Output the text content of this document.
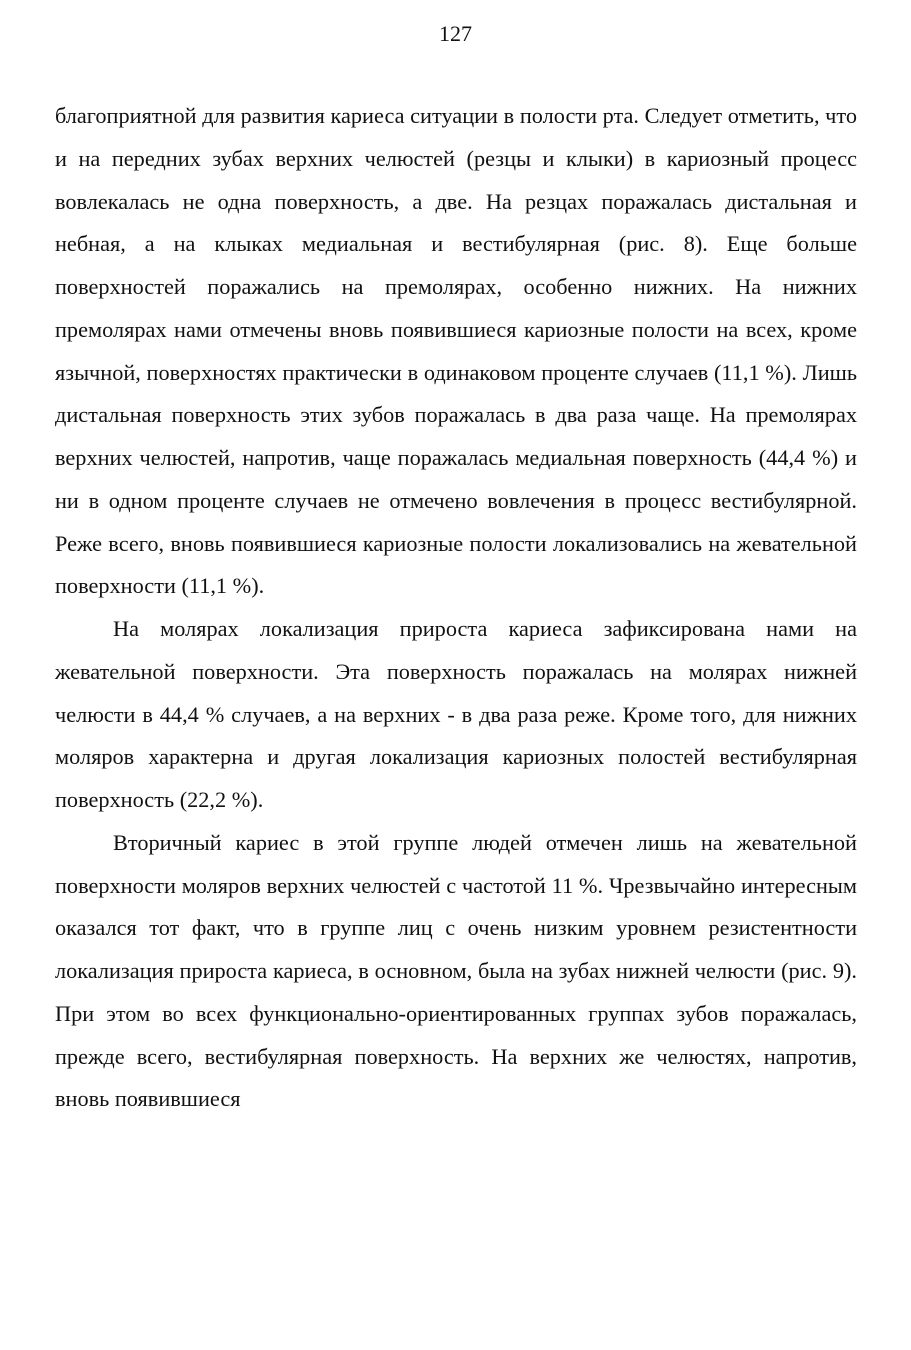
127

благоприятной для развития кариеса ситуации в полости рта. Следует отметить, что и на передних зубах верхних челюстей (резцы и клыки) в кариозный процесс вовлекалась не одна поверхность, а две. На резцах поражалась дистальная и небная, а на клыках медиальная и вестибулярная (рис. 8). Еще больше поверхностей поражались на премолярах, особенно нижних. На нижних премолярах нами отмечены вновь появившиеся кариозные полости на всех, кроме язычной, поверхностях практически в одинаковом проценте случаев (11,1 %). Лишь дистальная поверхность этих зубов поражалась в два раза чаще. На премолярах верхних челюстей, напротив, чаще поражалась медиальная поверхность (44,4 %) и ни в одном проценте случаев не отмечено вовлечения в процесс вестибулярной. Реже всего, вновь появившиеся кариозные полости локализовались на жевательной поверхности (11,1 %).

На молярах локализация прироста кариеса зафиксирована нами на жевательной поверхности. Эта поверхность поражалась на молярах нижней челюсти в 44,4 % случаев, а на верхних - в два раза реже. Кроме того, для нижних моляров характерна и другая локализация кариозных полостей вестибулярная поверхность (22,2 %).

Вторичный кариес в этой группе людей отмечен лишь на жевательной поверхности моляров верхних челюстей с частотой 11 %. Чрезвычайно интересным оказался тот факт, что в группе лиц с очень низким уровнем резистентности локализация прироста кариеса, в основном, была на зубах нижней челюсти (рис. 9). При этом во всех функционально-ориентированных группах зубов поражалась, прежде всего, вестибулярная поверхность. На верхних же челюстях, напротив, вновь появившиеся
